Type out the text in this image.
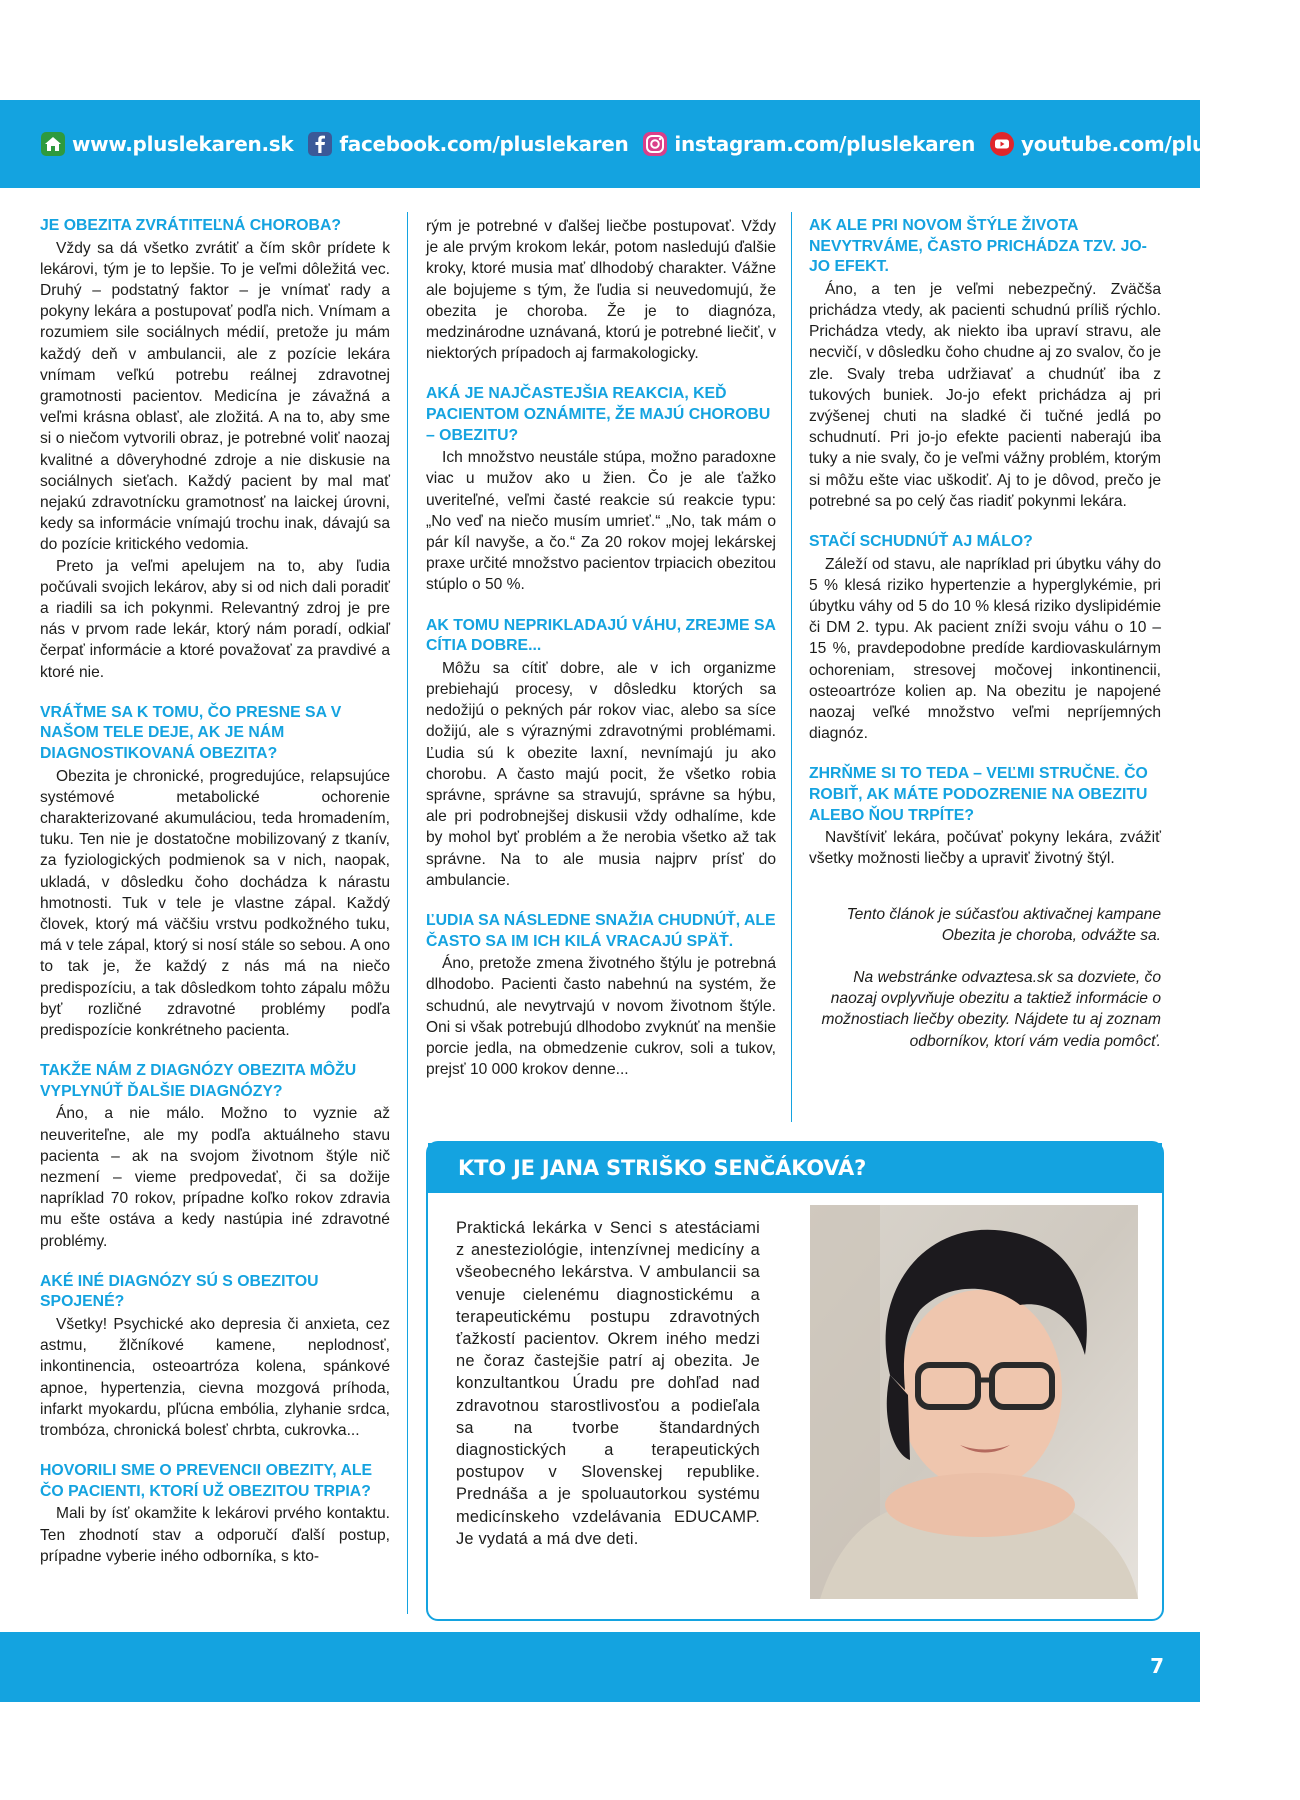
www.pluslekaren.sk facebook.com/pluslekaren instagram.com/pluslekaren youtube.com/pluslekaren
JE OBEZITA ZVRÁTITEĽNÁ CHOROBA?

Vždy sa dá všetko zvrátiť a čím skôr prídete k lekárovi, tým je to lepšie. To je veľmi dôležitá vec. Druhý – podstatný faktor – je vnímať rady a pokyny lekára a postupovať podľa nich. Vnímam a rozumiem sile sociálnych médií, pretože ju mám každý deň v ambulancii, ale z pozície lekára vnímam veľkú potrebu reálnej zdravotnej gramotnosti pacientov. Medicína je závažná a veľmi krásna oblasť, ale zložitá. A na to, aby sme si o niečom vytvorili obraz, je potrebné voliť naozaj kvalitné a dôveryhodné zdroje a nie diskusie na sociálnych sieťach. Každý pacient by mal mať nejakú zdravotnícku gramotnosť na laickej úrovni, kedy sa informácie vnímajú trochu inak, dávajú sa do pozície kritického vedomia.

Preto ja veľmi apelujem na to, aby ľudia počúvali svojich lekárov, aby si od nich dali poradiť a riadili sa ich pokynmi. Relevantný zdroj je pre nás v prvom rade lekár, ktorý nám poradí, odkiaľ čerpať informácie a ktoré považovať za pravdivé a ktoré nie.

VRÁŤME SA K TOMU, ČO PRESNE SA V NAŠOM TELE DEJE, AK JE NÁM DIAGNOSTIKOVANÁ OBEZITA?

Obezita je chronické, progredujúce, relapsujúce systémové metabolické ochorenie charakterizované akumuláciou, teda hromadením, tuku. Ten nie je dostatočne mobilizovaný z tkanív, za fyziologických podmienok sa v nich, naopak, ukladá, v dôsledku čoho dochádza k nárastu hmotnosti. Tuk v tele je vlastne zápal. Každý človek, ktorý má väčšiu vrstvu podkožného tuku, má v tele zápal, ktorý si nosí stále so sebou. A ono to tak je, že každý z nás má na niečo predispozíciu, a tak dôsledkom tohto zápalu môžu byť rozličné zdravotné problémy podľa predispozície konkrétneho pacienta.

TAKŽE NÁM Z DIAGNÓZY OBEZITA MÔŽU VYPLYNÚŤ ĎALŠIE DIAGNÓZY?

Áno, a nie málo. Možno to vyznie až neuveriteľne, ale my podľa aktuálneho stavu pacienta – ak na svojom životnom štýle nič nezmení – vieme predpovedať, či sa dožije napríklad 70 rokov, prípadne koľko rokov zdravia mu ešte ostáva a kedy nastúpia iné zdravotné problémy.

AKÉ INÉ DIAGNÓZY SÚ S OBEZITOU SPOJENÉ?

Všetky! Psychické ako depresia či anxieta, cez astmu, žlčníkové kamene, neplodnosť, inkontinencia, osteoartróza kolena, spánkové apnoe, hypertenzia, cievna mozgová príhoda, infarkt myokardu, pľúcna embólia, zlyhanie srdca, trombóza, chronická bolesť chrbta, cukrovka...

HOVORILI SME O PREVENCII OBEZITY, ALE ČO PACIENTI, KTORÍ UŽ OBEZITOU TRPIA?

Mali by ísť okamžite k lekárovi prvého kontaktu. Ten zhodnotí stav a odporučí ďalší postup, prípadne vyberie iného odborníka, s kto-

rým je potrebné v ďalšej liečbe postupovať. Vždy je ale prvým krokom lekár, potom nasledujú ďalšie kroky, ktoré musia mať dlhodobý charakter. Vážne ale bojujeme s tým, že ľudia si neuvedomujú, že obezita je choroba. Že je to diagnóza, medzinárodne uznávaná, ktorú je potrebné liečiť, v niektorých prípadoch aj farmakologicky.

AKÁ JE NAJČASTEJŠIA REAKCIA, KEĎ PACIENTOM OZNÁMITE, ŽE MAJÚ CHOROBU – OBEZITU?

Ich množstvo neustále stúpa, možno paradoxne viac u mužov ako u žien. Čo je ale ťažko uveriteľné, veľmi časté reakcie sú reakcie typu: „No veď na niečo musím umrieť.“ „No, tak mám o pár kíl navyše, a čo.“ Za 20 rokov mojej lekárskej praxe určité množstvo pacientov trpiacich obezitou stúplo o 50 %.

AK TOMU NEPRIKLADAJÚ VÁHU, ZREJME SA CÍTIA DOBRE...

Môžu sa cítiť dobre, ale v ich organizme prebiehajú procesy, v dôsledku ktorých sa nedožijú o pekných pár rokov viac, alebo sa síce dožijú, ale s výraznými zdravotnými problémami. Ľudia sú k obezite laxní, nevnímajú ju ako chorobu. A často majú pocit, že všetko robia správne, správne sa stravujú, správne sa hýbu, ale pri podrobnejšej diskusii vždy odhalíme, kde by mohol byť problém a že nerobia všetko až tak správne. Na to ale musia najprv prísť do ambulancie.

ĽUDIA SA NÁSLEDNE SNAŽIA CHUDNÚŤ, ALE ČASTO SA IM ICH KILÁ VRACAJÚ SPÄŤ.

Áno, pretože zmena životného štýlu je potrebná dlhodobo. Pacienti často nabehnú na systém, že schudnú, ale nevytrvajú v novom životnom štýle. Oni si však potrebujú dlhodobo zvyknúť na menšie porcie jedla, na obmedzenie cukrov, soli a tukov, prejsť 10 000 krokov denne...

AK ALE PRI NOVOM ŠTÝLE ŽIVOTA NEVYTRVÁME, ČASTO PRICHÁDZA TZV. JO-JO EFEKT.

Áno, a ten je veľmi nebezpečný. Zväčša prichádza vtedy, ak pacienti schudnú príliš rýchlo. Prichádza vtedy, ak niekto iba upraví stravu, ale necvičí, v dôsledku čoho chudne aj zo svalov, čo je zle. Svaly treba udržiavať a chudnúť iba z tukových buniek. Jo-jo efekt prichádza aj pri zvýšenej chuti na sladké či tučné jedlá po schudnutí. Pri jo-jo efekte pacienti naberajú iba tuky a nie svaly, čo je veľmi vážny problém, ktorým si môžu ešte viac uškodiť. Aj to je dôvod, prečo je potrebné sa po celý čas riadiť pokynmi lekára.

STAČÍ SCHUDNÚŤ AJ MÁLO?

Záleží od stavu, ale napríklad pri úbytku váhy do 5 % klesá riziko hypertenzie a hyperglykémie, pri úbytku váhy od 5 do 10 % klesá riziko dyslipidémie či DM 2. typu. Ak pacient zníži svoju váhu o 10 – 15 %, pravdepodobne predíde kardiovaskulárnym ochoreniam, stresovej močovej inkontinencii, osteoartróze kolien ap. Na obezitu je napojené naozaj veľké množstvo veľmi nepríjemných diagnóz.

ZHRŇME SI TO TEDA – VEĽMI STRUČNE. ČO ROBIŤ, AK MÁTE PODOZRENIE NA OBEZITU ALEBO ŇOU TRPÍTE?

Navštíviť lekára, počúvať pokyny lekára, zvážiť všetky možnosti liečby a upraviť životný štýl.

Tento článok je súčasťou aktivačnej kampane Obezita je choroba, odvážte sa.

Na webstránke odvaztesa.sk sa dozviete, čo naozaj ovplyvňuje obezitu a taktiež informácie o možnostiach liečby obezity. Nájdete tu aj zoznam odborníkov, ktorí vám vedia pomôcť.

KTO JE JANA STRIŠKO SENČÁKOVÁ?
Praktická lekárka v Senci s atestáciami z anesteziológie, intenzívnej medicíny a všeobecného lekárstva. V ambulancii sa venuje cielenému diagnostickému a terapeutickému postupu zdravotných ťažkostí pacientov. Okrem iného medzi ne čoraz častejšie patrí aj obezita. Je konzultantkou Úradu pre dohľad nad zdravotnou starostlivosťou a podieľala sa na tvorbe štandardných diagnostických a terapeutických postupov v Slovenskej republike. Prednáša a je spoluautorkou systému medicínskeho vzdelávania EDUCAMP. Je vydatá a má dve deti.
7
